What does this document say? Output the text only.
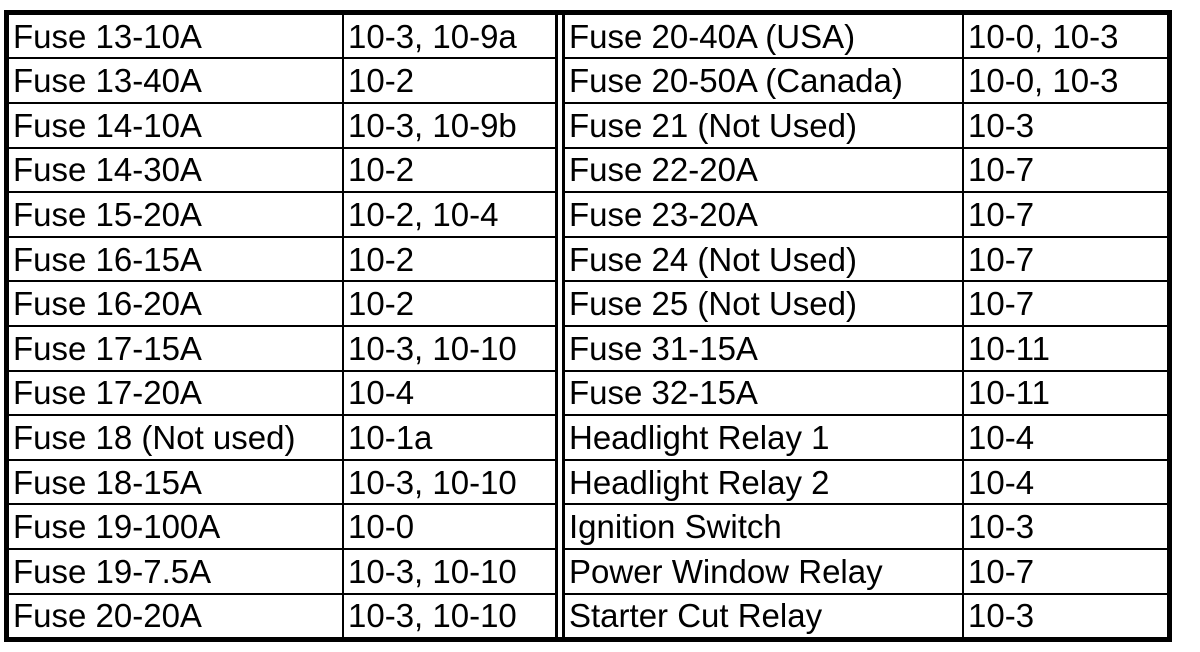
Fuse 13-10A	10-3, 10-9a
Fuse 13-40A	10-2
Fuse 14-10A	10-3, 10-9b
Fuse 14-30A	10-2
Fuse 15-20A	10-2, 10-4
Fuse 16-15A	10-2
Fuse 16-20A	10-2
Fuse 17-15A	10-3, 10-10
Fuse 17-20A	10-4
Fuse 18 (Not used)	10-1a
Fuse 18-15A	10-3, 10-10
Fuse 19-100A	10-0
Fuse 19-7.5A	10-3, 10-10
Fuse 20-20A	10-3, 10-10
Fuse 20-40A (USA)	10-0, 10-3
Fuse 20-50A (Canada)	10-0, 10-3
Fuse 21 (Not Used)	10-3
Fuse 22-20A	10-7
Fuse 23-20A	10-7
Fuse 24 (Not Used)	10-7
Fuse 25 (Not Used)	10-7
Fuse 31-15A	10-11
Fuse 32-15A	10-11
Headlight Relay 1	10-4
Headlight Relay 2	10-4
Ignition Switch	10-3
Power Window Relay	10-7
Starter Cut Relay	10-3
